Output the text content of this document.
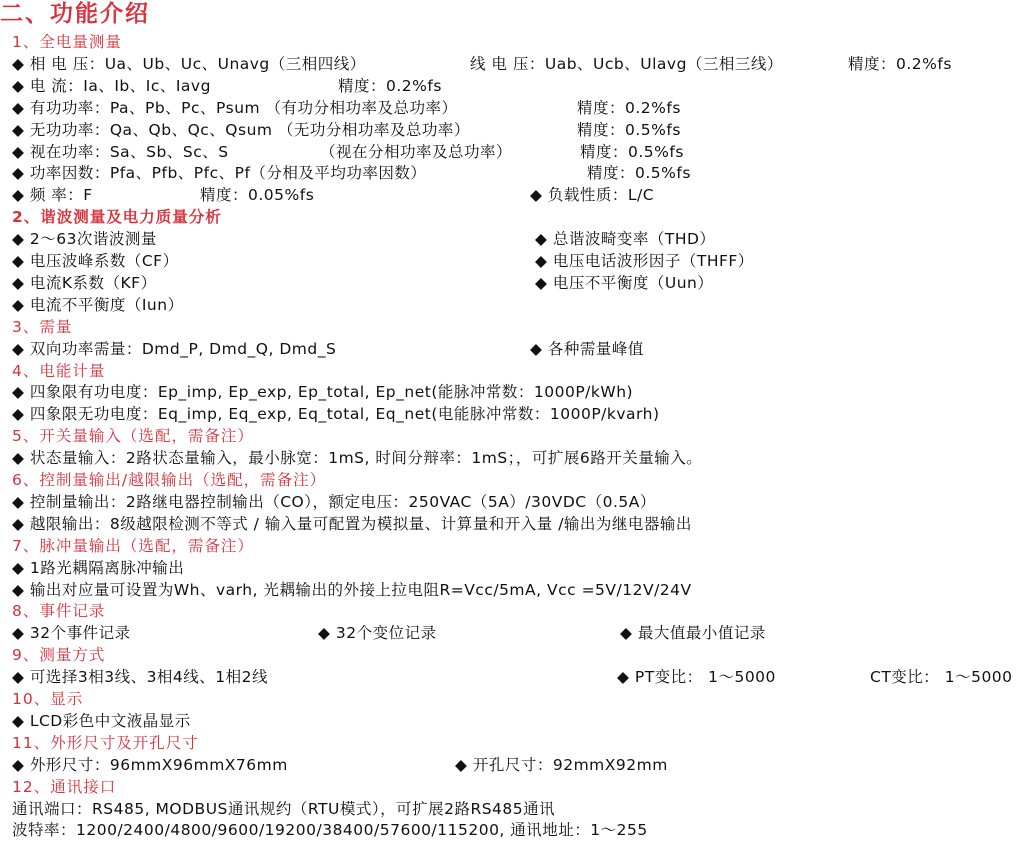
二、功能介绍
1、全电量测量
◆ 相 电 压：Ua、Ub、Uc、Unavg（三相四线）	线 电 压：Uab、Ucb、Ulavg（三相三线）	精度：0.2%fs
◆ 电 流：Ia、Ib、Ic、Iavg	精度：0.2%fs
◆ 有功功率：Pa、Pb、Pc、Psum （有功分相功率及总功率）	精度：0.2%fs
◆ 无功功率：Qa、Qb、Qc、Qsum （无功分相功率及总功率）	精度：0.5%fs
◆ 视在功率：Sa、Sb、Sc、S	（视在分相功率及总功率）	精度：0.5%fs
◆ 功率因数：Pfa、Pfb、Pfc、Pf（分相及平均功率因数）	精度：0.5%fs
◆ 频 率：F	精度：0.05%fs	◆ 负载性质：L/C
2、谐波测量及电力质量分析
◆ 2～63次谐波测量	◆ 总谐波畸变率（THD）
◆ 电压波峰系数（CF）	◆ 电压电话波形因子（THFF）
◆ 电流K系数（KF）	◆ 电压不平衡度（Uun）
◆ 电流不平衡度（Iun）
3、需量
◆ 双向功率需量：Dmd_P, Dmd_Q, Dmd_S	◆ 各种需量峰值
4、电能计量
◆ 四象限有功电度：Ep_imp, Ep_exp, Ep_total, Ep_net(能脉冲常数：1000P/kWh)
◆ 四象限无功电度：Eq_imp, Eq_exp, Eq_total, Eq_net(电能脉冲常数：1000P/kvarh)
5、开关量输入（选配，需备注）
◆ 状态量输入：2路状态量输入，最小脉宽：1mS, 时间分辩率：1mS；，可扩展6路开关量输入。
6、控制量输出/越限输出（选配，需备注）
◆ 控制量输出：2路继电器控制输出（CO），额定电压：250VAC（5A）/30VDC（0.5A）
◆ 越限输出：8级越限检测不等式 / 输入量可配置为模拟量、计算量和开入量 /输出为继电器输出
7、脉冲量输出（选配，需备注）
◆ 1路光耦隔离脉冲输出
◆ 输出对应量可设置为Wh、varh, 光耦输出的外接上拉电阻R=Vcc/5mA, Vcc =5V/12V/24V
8、事件记录
◆ 32个事件记录	◆ 32个变位记录	◆ 最大值最小值记录
9、测量方式
◆ 可选择3相3线、3相4线、1相2线	◆ PT变比： 1～5000	CT变比： 1～5000
10、显示
◆ LCD彩色中文液晶显示
11、外形尺寸及开孔尺寸
◆ 外形尺寸：96mmX96mmX76mm	◆ 开孔尺寸：92mmX92mm
12、通讯接口
通讯端口：RS485, MODBUS通讯规约（RTU模式），可扩展2路RS485通讯
波特率：1200/2400/4800/9600/19200/38400/57600/115200, 通讯地址：1～255
